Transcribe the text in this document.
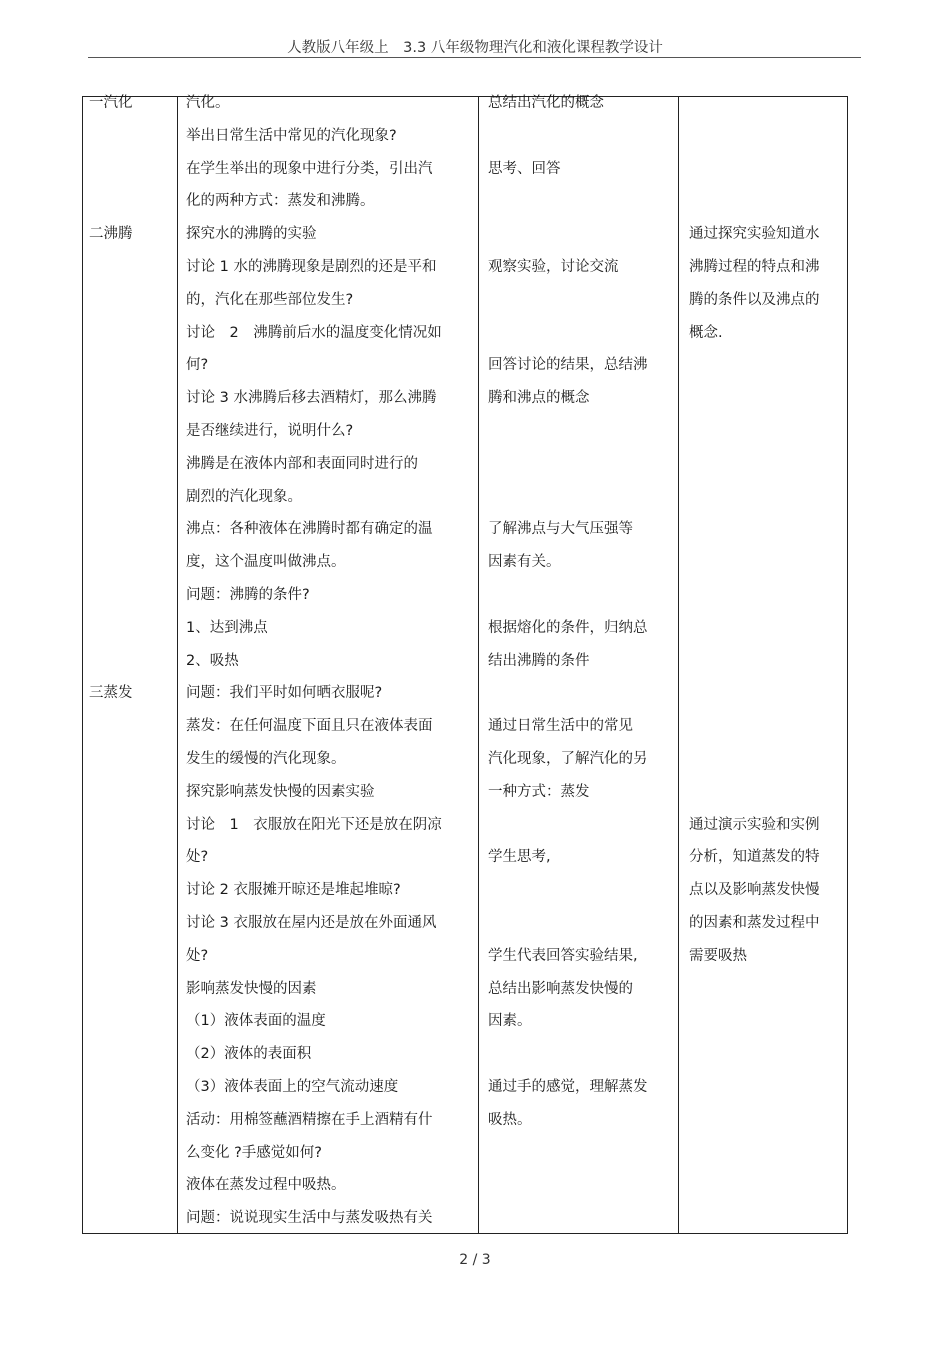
人教版八年级上　3.3 八年级物理汽化和液化课程教学设计
一汽化
二沸腾
三蒸发
汽化。
举出日常生活中常见的汽化现象?
在学生举出的现象中进行分类，引出汽
化的两种方式：蒸发和沸腾。
探究水的沸腾的实验
讨论 1 水的沸腾现象是剧烈的还是平和
的，汽化在那些部位发生?
讨论　2　沸腾前后水的温度变化情况如
何?
讨论 3 水沸腾后移去酒精灯，那么沸腾
是否继续进行，说明什么?
沸腾是在液体内部和表面同时进行的
剧烈的汽化现象。
沸点：各种液体在沸腾时都有确定的温
度，这个温度叫做沸点。
问题：沸腾的条件?
1、达到沸点
2、吸热
问题：我们平时如何晒衣服呢?
蒸发：在任何温度下面且只在液体表面
发生的缓慢的汽化现象。
探究影响蒸发快慢的因素实验
讨论　1　衣服放在阳光下还是放在阴凉
处?
讨论 2 衣服摊开晾还是堆起堆晾?
讨论 3 衣服放在屋内还是放在外面通风
处?
影响蒸发快慢的因素
（1）液体表面的温度
（2）液体的表面积
（3）液体表面上的空气流动速度
活动：用棉签蘸酒精擦在手上酒精有什
么变化 ?手感觉如何?
液体在蒸发过程中吸热。
问题：说说现实生活中与蒸发吸热有关
总结出汽化的概念
思考、回答
观察实验，讨论交流
回答讨论的结果，总结沸
腾和沸点的概念
了解沸点与大气压强等
因素有关。
根据熔化的条件，归纳总
结出沸腾的条件
通过日常生活中的常见
汽化现象，了解汽化的另
一种方式：蒸发
学生思考,
学生代表回答实验结果,
总结出影响蒸发快慢的
因素。
通过手的感觉，理解蒸发
吸热。
通过探究实验知道水
沸腾过程的特点和沸
腾的条件以及沸点的
概念.
通过演示实验和实例
分析，知道蒸发的特
点以及影响蒸发快慢
的因素和蒸发过程中
需要吸热
2 / 3
